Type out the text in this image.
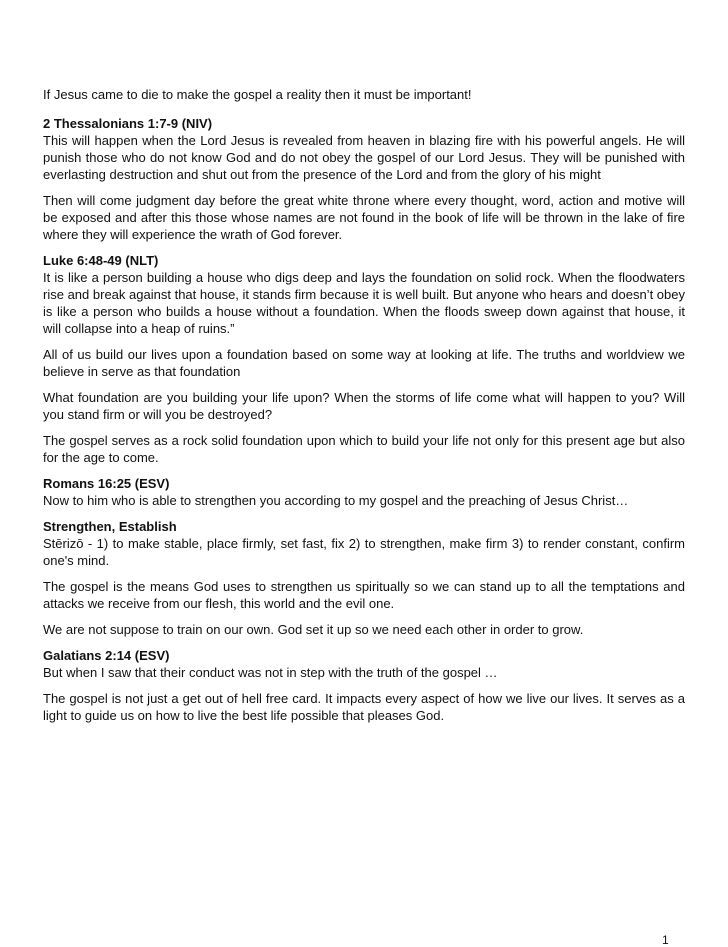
If Jesus came to die to make the gospel a reality then it must be important!

2 Thessalonians 1:7-9 (NIV)
This will happen when the Lord Jesus is revealed from heaven in blazing fire with his powerful angels. He will punish those who do not know God and do not obey the gospel of our Lord Jesus. They will be punished with everlasting destruction and shut out from the presence of the Lord and from the glory of his might

Then will come judgment day before the great white throne where every thought, word, action and motive will be exposed and after this those whose names are not found in the book of life will be thrown in the lake of fire where they will experience the wrath of God forever.

Luke 6:48-49 (NLT)
It is like a person building a house who digs deep and lays the foundation on solid rock. When the floodwaters rise and break against that house, it stands firm because it is well built. But anyone who hears and doesn’t obey is like a person who builds a house without a foundation. When the floods sweep down against that house, it will collapse into a heap of ruins.”

All of us build our lives upon a foundation based on some way at looking at life. The truths and worldview we believe in serve as that foundation

What foundation are you building your life upon? When the storms of life come what will happen to you? Will you stand firm or will you be destroyed?

The gospel serves as a rock solid foundation upon which to build your life not only for this present age but also for the age to come.

Romans 16:25 (ESV)
Now to him who is able to strengthen you according to my gospel and the preaching of Jesus Christ…

Strengthen, Establish
Stērizō - 1) to make stable, place firmly, set fast, fix 2) to strengthen, make firm 3) to render constant, confirm one's mind.

The gospel is the means God uses to strengthen us spiritually so we can stand up to all the temptations and attacks we receive from our flesh, this world and the evil one.

We are not suppose to train on our own. God set it up so we need each other in order to grow.

Galatians 2:14 (ESV)
But when I saw that their conduct was not in step with the truth of the gospel …

The gospel is not just a get out of hell free card. It impacts every aspect of how we live our lives. It serves as a light to guide us on how to live the best life possible that pleases God.

1
